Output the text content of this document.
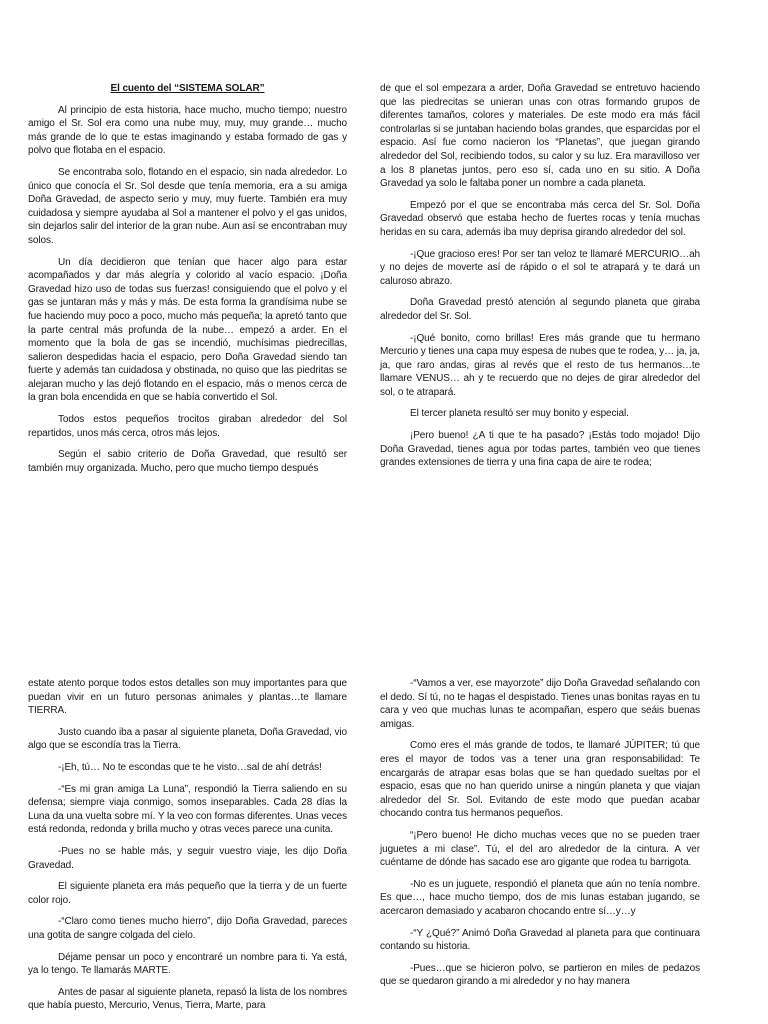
El cuento del “SISTEMA SOLAR”

Al principio de esta historia, hace mucho, mucho tiempo; nuestro amigo el Sr. Sol era como una nube muy, muy, muy grande… mucho más grande de lo que te estas imaginando y estaba formado de gas y polvo que flotaba en el espacio.

Se encontraba solo, flotando en el espacio, sin nada alrededor. Lo único que conocía el Sr. Sol desde que tenía memoria, era a su amiga Doña Gravedad, de aspecto serio y muy, muy fuerte. También era muy cuidadosa y siempre ayudaba al Sol a mantener el polvo y el gas unidos, sin dejarlos salir del interior de la gran nube. Aun así se encontraban muy solos.

Un día decidieron que tenían que hacer algo para estar acompañados y dar más alegría y colorido al vacío espacio. ¡Doña Gravedad hizo uso de todas sus fuerzas! consiguiendo que el polvo y el gas se juntaran más y más y más. De esta forma la grandísima nube se fue haciendo muy poco a poco, mucho más pequeña; la apretó tanto que la parte central más profunda de la nube… empezó a arder. En el momento que la bola de gas se incendió, muchísimas piedrecillas, salieron despedidas hacia el espacio, pero Doña Gravedad siendo tan fuerte y además tan cuidadosa y obstinada, no quiso que las piedritas se alejaran mucho y las dejó flotando en el espacio, más o menos cerca de la gran bola encendida en que se había convertido el Sol.

Todos estos pequeños trocitos giraban alrededor del Sol repartidos, unos más cerca, otros más lejos.

Según el sabio criterio de Doña Gravedad, que resultó ser también muy organizada. Mucho, pero que mucho tiempo después

de que el sol empezara a arder, Doña Gravedad se entretuvo haciendo que las piedrecitas se unieran unas con otras formando grupos de diferentes tamaños, colores y materiales. De este modo era más fácil controlarlas si se juntaban haciendo bolas grandes, que esparcidas por el espacio. Así fue como nacieron los “Planetas”, que juegan girando alrededor del Sol, recibiendo todos, su calor y su luz. Era maravilloso ver a los 8 planetas juntos, pero eso sí, cada uno en su sitio. A Doña Gravedad ya solo le faltaba poner un nombre a cada planeta.

Empezó por el que se encontraba más cerca del Sr. Sol. Doña Gravedad observó que estaba hecho de fuertes rocas y tenía muchas heridas en su cara, además iba muy deprisa girando alrededor del sol.

-¡Que gracioso eres! Por ser tan veloz te llamaré MERCURIO…ah y no dejes de moverte así de rápido o el sol te atrapará y te dará un caluroso abrazo.

Doña Gravedad prestó atención al segundo planeta que giraba alrededor del Sr. Sol.

-¡Qué bonito, como brillas! Eres más grande que tu hermano Mercurio y tienes una capa muy espesa de nubes que te rodea, y… ja, ja, ja, que raro andas, giras al revés que el resto de tus hermanos…te llamare VENUS… ah y te recuerdo que no dejes de girar alrededor del sol, o te atrapará.

El tercer planeta resultó ser muy bonito y especial.

¡Pero bueno! ¿A ti que te ha pasado? ¡Estás todo mojado! Dijo Doña Gravedad, tienes agua por todas partes, también veo que tienes grandes extensiones de tierra y una fina capa de aire te rodea;

estate atento porque todos estos detalles son muy importantes para que puedan vivir en un futuro personas animales y plantas…te llamare TIERRA.

Justo cuando iba a pasar al siguiente planeta, Doña Gravedad, vio algo que se escondía tras la Tierra.

-¡Eh, tú… No te escondas que te he visto…sal de ahí detrás!

-“Es mi gran amiga La Luna”, respondió la Tierra saliendo en su defensa; siempre viaja conmigo, somos inseparables. Cada 28 días la Luna da una vuelta sobre mí. Y la veo con formas diferentes. Unas veces está redonda, redonda y brilla mucho y otras veces parece una cunita.

-Pues no se hable más, y seguir vuestro viaje, les dijo Doña Gravedad.

El siguiente planeta era más pequeño que la tierra y de un fuerte color rojo.

-“Claro como tienes mucho hierro”, dijo Doña Gravedad, pareces una gotita de sangre colgada del cielo.

Déjame pensar un poco y encontraré un nombre para ti. Ya está, ya lo tengo. Te llamarás MARTE.

Antes de pasar al siguiente planeta, repasó la lista de los nombres que había puesto, Mercurio, Venus, Tierra, Marte, para

-“Vamos a ver, ese mayorzote” dijo Doña Gravedad señalando con el dedo. Sí tú, no te hagas el despistado. Tienes unas bonitas rayas en tu cara y veo que muchas lunas te acompañan, espero que seáis buenas amigas.

Como eres el más grande de todos, te llamaré JÚPITER; tú que eres el mayor de todos vas a tener una gran responsabilidad: Te encargarás de atrapar esas bolas que se han quedado sueltas por el espacio, esas que no han querido unirse a ningún planeta y que viajan alrededor del Sr. Sol. Evitando de este modo que puedan acabar chocando contra tus hermanos pequeños.

“¡Pero bueno! He dicho muchas veces que no se pueden traer juguetes a mi clase”. Tú, el del aro alrededor de la cintura. A ver cuéntame de dónde has sacado ese aro gigante que rodea tu barrigota.

-No es un juguete, respondió el planeta que aún no tenía nombre. Es que…, hace mucho tiempo, dos de mis lunas estaban jugando, se acercaron demasiado y acabaron chocando entre sí…y…y

-“Y ¿Qué?” Animó Doña Gravedad al planeta para que continuara contando su historia.

-Pues…que se hicieron polvo, se partieron en miles de pedazos que se quedaron girando a mi alrededor y no hay manera
